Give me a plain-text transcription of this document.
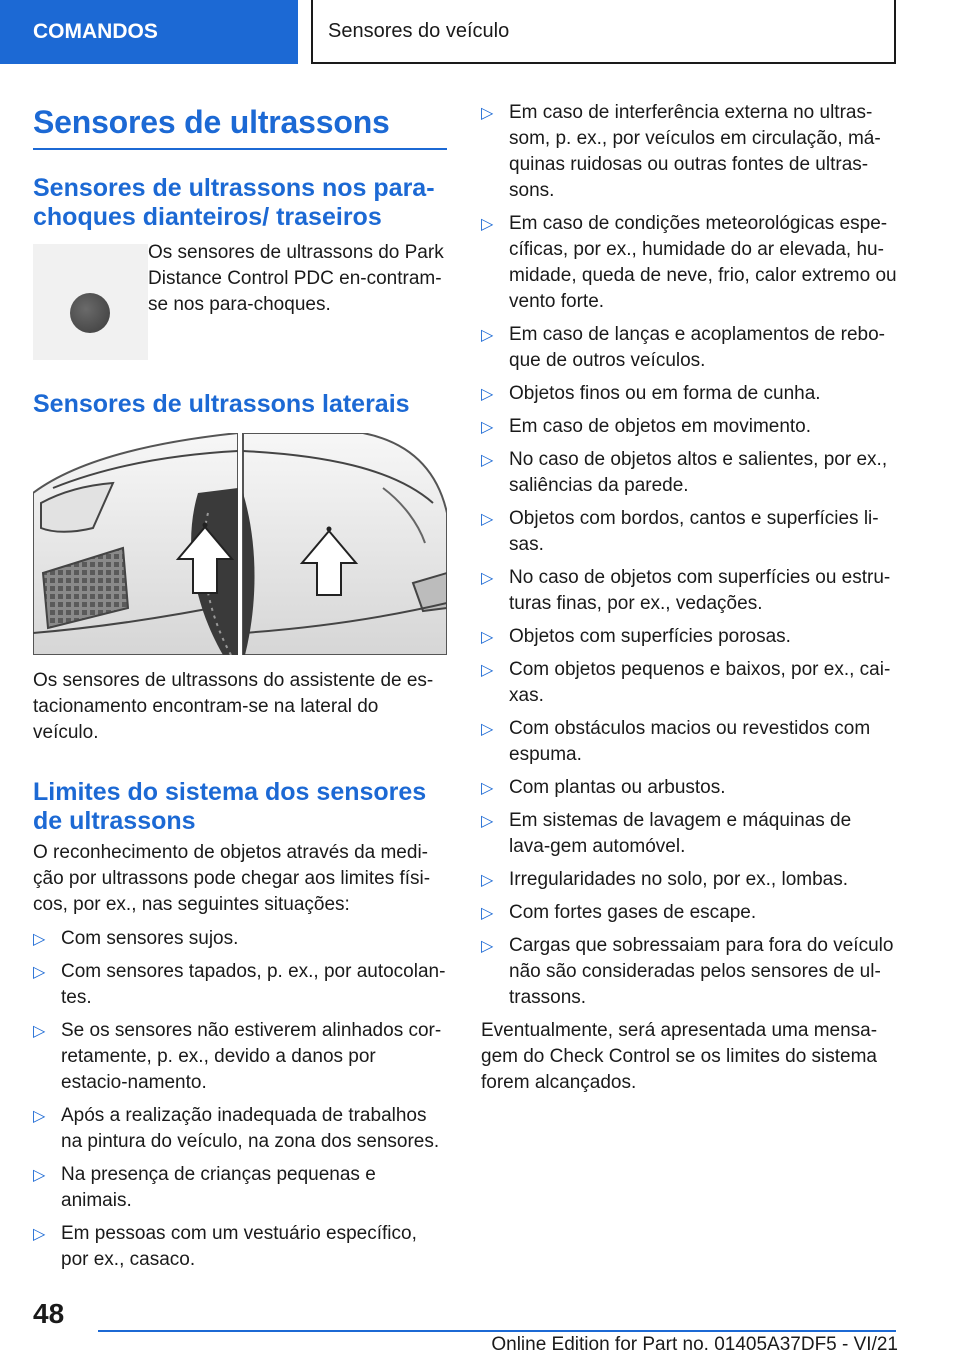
COMANDOS	Sensores do veículo
Sensores de ultrassons
Sensores de ultrassons nos para-choques dianteiros/ traseiros

Os sensores de ultrassons do Park Distance Control PDC en-contram-se nos para-choques.

Sensores de ultrassons laterais

Os sensores de ultrassons do assistente de es-tacionamento encontram-se na lateral do veículo.

Limites do sistema dos sensores de ultrassons

O reconhecimento de objetos através da medi-ção por ultrassons pode chegar aos limites físi-cos, por ex., nas seguintes situações:

▷ Com sensores sujos.
▷ Com sensores tapados, p. ex., por autocolan-tes.
▷ Se os sensores não estiverem alinhados cor-retamente, p. ex., devido a danos por estacio-namento.
▷ Após a realização inadequada de trabalhos na pintura do veículo, na zona dos sensores.
▷ Na presença de crianças pequenas e animais.
▷ Em pessoas com um vestuário específico, por ex., casaco.
▷ Em caso de interferência externa no ultras-som, p. ex., por veículos em circulação, má-quinas ruidosas ou outras fontes de ultras-sons.
▷ Em caso de condições meteorológicas espe-cíficas, por ex., humidade do ar elevada, hu-midade, queda de neve, frio, calor extremo ou vento forte.
▷ Em caso de lanças e acoplamentos de rebo-que de outros veículos.
▷ Objetos finos ou em forma de cunha.
▷ Em caso de objetos em movimento.
▷ No caso de objetos altos e salientes, por ex., saliências da parede.
▷ Objetos com bordos, cantos e superfícies li-sas.
▷ No caso de objetos com superfícies ou estru-turas finas, por ex., vedações.
▷ Objetos com superfícies porosas.
▷ Com objetos pequenos e baixos, por ex., cai-xas.
▷ Com obstáculos macios ou revestidos com espuma.
▷ Com plantas ou arbustos.
▷ Em sistemas de lavagem e máquinas de lava-gem automóvel.
▷ Irregularidades no solo, por ex., lombas.
▷ Com fortes gases de escape.
▷ Cargas que sobressaiam para fora do veículo não são consideradas pelos sensores de ul-trassons.

Eventualmente, será apresentada uma mensa-gem do Check Control se os limites do sistema forem alcançados.

48
Online Edition for Part no. 01405A37DF5 - VI/21
